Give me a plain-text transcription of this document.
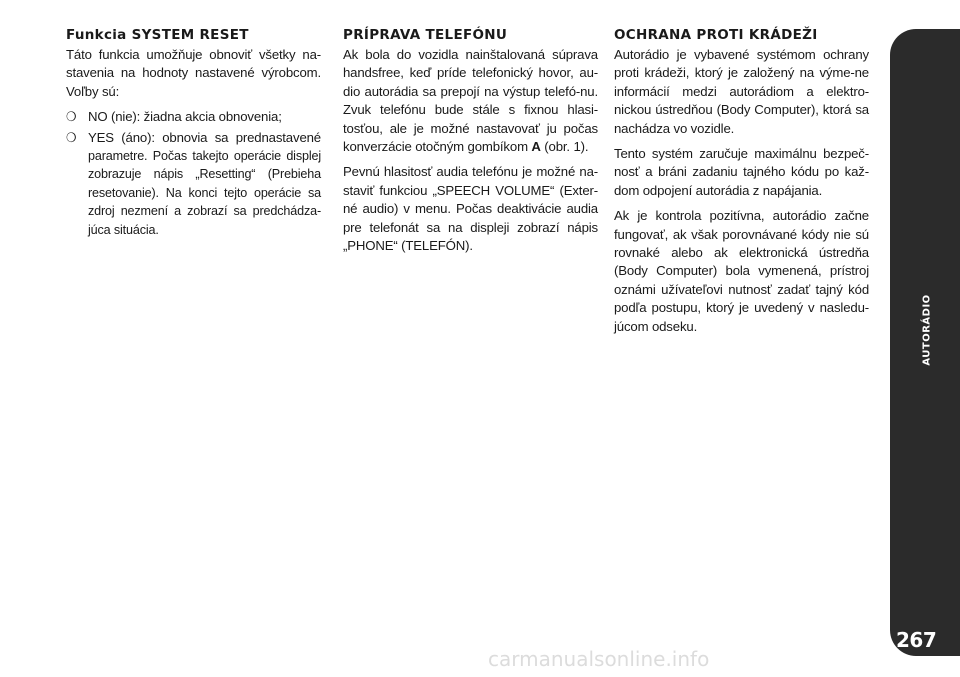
Funkcia SYSTEM RESET

Táto funkcia umožňuje obnoviť všetky na-stavenia na hodnoty nastavené výrobcom. Voľby sú:

❍ NO (nie): žiadna akcia obnovenia;
❍ YES (áno): obnovia sa prednastavené parametre. Počas takejto operácie displej zobrazuje nápis „Resetting“ (Prebieha resetovanie). Na konci tejto operácie sa zdroj nezmení a zobrazí sa predchádza-júca situácia.
PRÍPRAVA TELEFÓNU

Ak bola do vozidla nainštalovaná súprava handsfree, keď príde telefonický hovor, au-dio autorádia sa prepojí na výstup telefó-nu. Zvuk telefónu bude stále s fixnou hlasi-tosťou, ale je možné nastavovať ju počas konverzácie otočným gombíkom A (obr. 1).

Pevnú hlasitosť audia telefónu je možné na-staviť funkciou „SPEECH VOLUME“ (Exter-né audio) v menu. Počas deaktivácie audia pre telefonát sa na displeji zobrazí nápis „PHONE“ (TELEFÓN).

OCHRANA PROTI KRÁDEŽI

Autorádio je vybavené systémom ochrany proti krádeži, ktorý je založený na výme-ne informácií medzi autorádiom a elektro-nickou ústredňou (Body Computer), ktorá sa nachádza vo vozidle.

Tento systém zaručuje maximálnu bezpeč-nosť a bráni zadaniu tajného kódu po kaž-dom odpojení autorádia z napájania.

Ak je kontrola pozitívna, autorádio začne fungovať, ak však porovnávané kódy nie sú rovnaké alebo ak elektronická ústredňa (Body Computer) bola vymenená, prístroj oznámi užívateľovi nutnosť zadať tajný kód podľa postupu, ktorý je uvedený v nasledu-júcom odseku.	AUTORÁDIO
267
carmanualsonline.info
